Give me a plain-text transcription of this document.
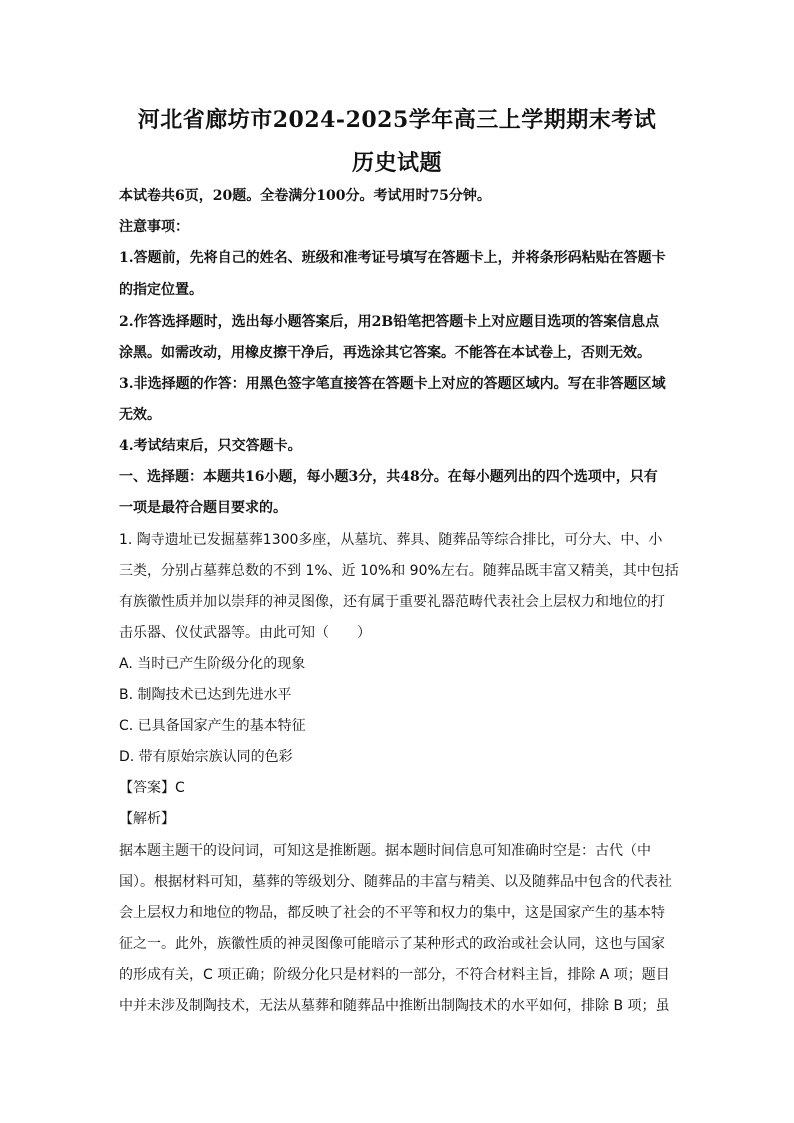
河北省廊坊市2024-2025学年高三上学期期末考试
历史试题
本试卷共6页，20题。全卷满分100分。考试用时75分钟。
注意事项：
1.答题前，先将自己的姓名、班级和准考证号填写在答题卡上，并将条形码粘贴在答题卡
的指定位置。
2.作答选择题时，选出每小题答案后，用2B铅笔把答题卡上对应题目选项的答案信息点
涂黑。如需改动，用橡皮擦干净后，再选涂其它答案。不能答在本试卷上，否则无效。
3.非选择题的作答：用黑色签字笔直接答在答题卡上对应的答题区域内。写在非答题区域
无效。
4.考试结束后，只交答题卡。
一、选择题：本题共16小题，每小题3分，共48分。在每小题列出的四个选项中，只有
一项是最符合题目要求的。
1. 陶寺遗址已发掘墓葬1300多座，从墓坑、葬具、随葬品等综合排比，可分大、中、小
三类，分别占墓葬总数的不到 1%、近 10%和 90%左右。随葬品既丰富又精美，其中包括
有族徽性质并加以崇拜的神灵图像，还有属于重要礼器范畴代表社会上层权力和地位的打
击乐器、仪仗武器等。由此可知（　　）
A. 当时已产生阶级分化的现象
B. 制陶技术已达到先进水平
C. 已具备国家产生的基本特征
D. 带有原始宗族认同的色彩
【答案】C
【解析】
据本题主题干的设问词，可知这是推断题。据本题时间信息可知准确时空是：古代（中
国）。根据材料可知，墓葬的等级划分、随葬品的丰富与精美、以及随葬品中包含的代表社
会上层权力和地位的物品，都反映了社会的不平等和权力的集中，这是国家产生的基本特
征之一。此外，族徽性质的神灵图像可能暗示了某种形式的政治或社会认同，这也与国家
的形成有关，C 项正确；阶级分化只是材料的一部分，不符合材料主旨，排除 A 项；题目
中并未涉及制陶技术，无法从墓葬和随葬品中推断出制陶技术的水平如何，排除 B 项；虽
